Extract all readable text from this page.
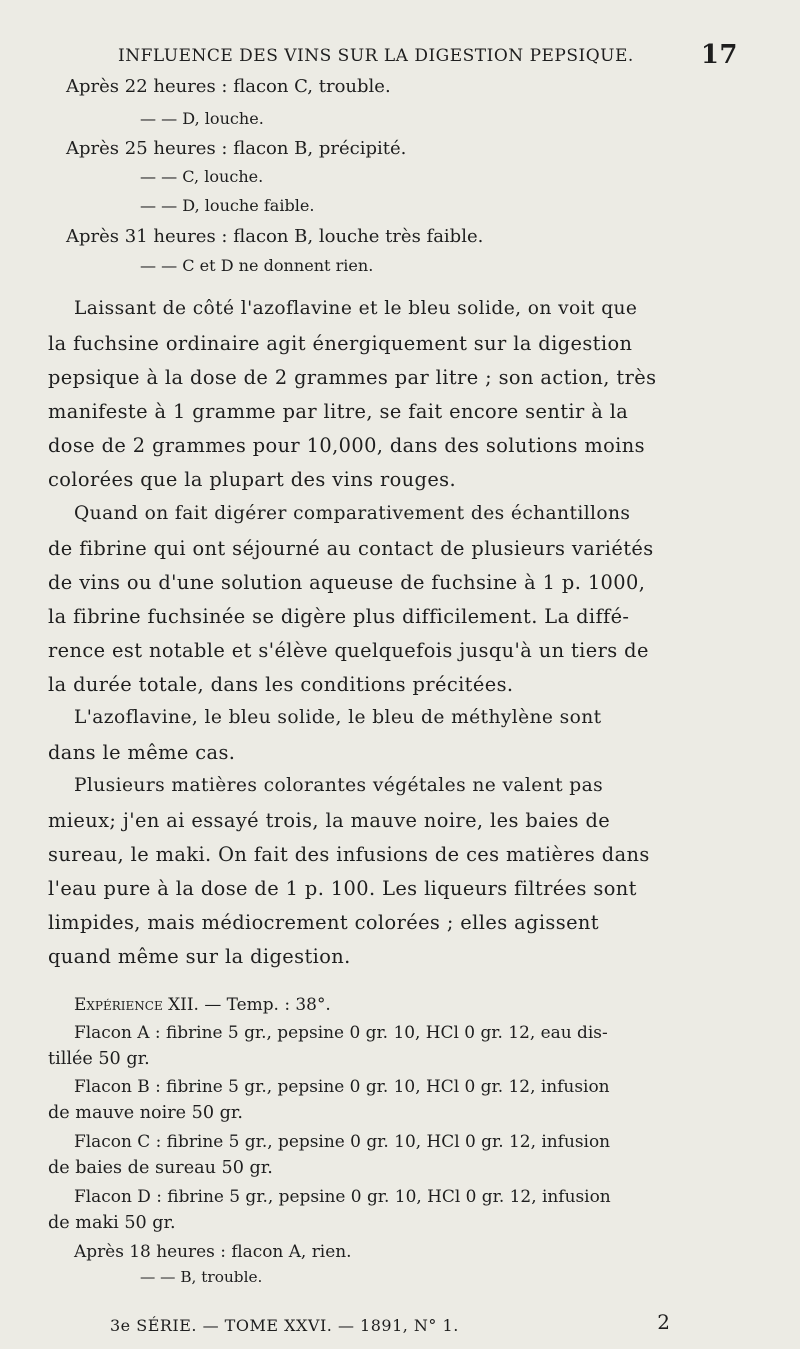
INFLUENCE DES VINS SUR LA DIGESTION PEPSIQUE.	17
Après 22 heures : flacon C, trouble.
— — D, louche.
Après 25 heures : flacon B, précipité.
— — C, louche.
— — D, louche faible.
Après 31 heures : flacon B, louche très faible.
— — C et D ne donnent rien.
Laissant de côté l'azoflavine et le bleu solide, on voit que
la fuchsine ordinaire agit énergiquement sur la digestion
pepsique à la dose de 2 grammes par litre ; son action, très
manifeste à 1 gramme par litre, se fait encore sentir à la
dose de 2 grammes pour 10,000, dans des solutions moins
colorées que la plupart des vins rouges.
Quand on fait digérer comparativement des échantillons
de fibrine qui ont séjourné au contact de plusieurs variétés
de vins ou d'une solution aqueuse de fuchsine à 1 p. 1000,
la fibrine fuchsinée se digère plus difficilement. La diffé-
rence est notable et s'élève quelquefois jusqu'à un tiers de
la durée totale, dans les conditions précitées.
L'azoflavine, le bleu solide, le bleu de méthylène sont
dans le même cas.
Plusieurs matières colorantes végétales ne valent pas
mieux; j'en ai essayé trois, la mauve noire, les baies de
sureau, le maki. On fait des infusions de ces matières dans
l'eau pure à la dose de 1 p. 100. Les liqueurs filtrées sont
limpides, mais médiocrement colorées ; elles agissent
quand même sur la digestion.
Expérience XII. — Temp. : 38°.
Flacon A : fibrine 5 gr., pepsine 0 gr. 10, HCl 0 gr. 12, eau dis-
tillée 50 gr.
Flacon B : fibrine 5 gr., pepsine 0 gr. 10, HCl 0 gr. 12, infusion
de mauve noire 50 gr.
Flacon C : fibrine 5 gr., pepsine 0 gr. 10, HCl 0 gr. 12, infusion
de baies de sureau 50 gr.
Flacon D : fibrine 5 gr., pepsine 0 gr. 10, HCl 0 gr. 12, infusion
de maki 50 gr.
Après 18 heures : flacon A, rien.
— — B, trouble.
3e SÉRIE. — TOME XXVI. — 1891, N° 1.	2
